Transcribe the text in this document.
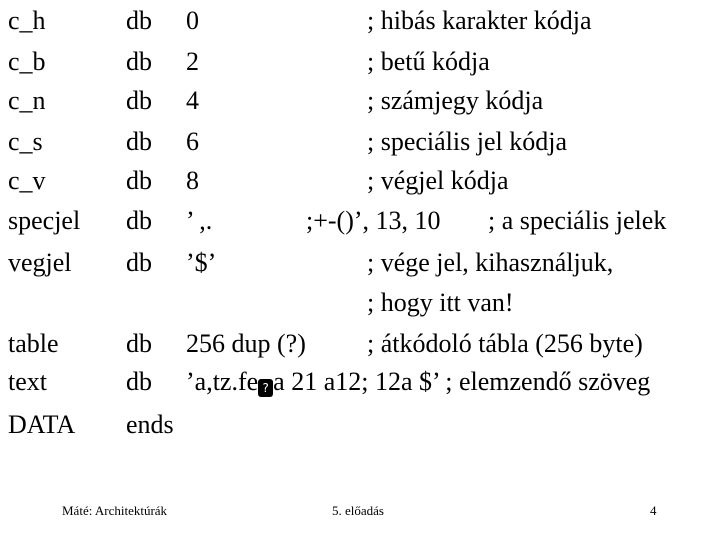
c_h	db 0	; hibás karakter kódja
c_b	db 2	; betű kódja
c_n	db 4	; számjegy kódja
c_s	db 6	; speciális jel kódja
c_v	db 8	; végjel kódja
specjel db ’ ,.	;+-()’, 13, 10 ; a speciális jelek
vegjel db ’$’	; vége jel, kihasználjuk,
; hogy itt van!
table	db 256 dup (?) ; átkódoló tábla (256 byte)
text	db ’a,tz.fe ? a 21 a12; 12a $’ ; elemzendő szöveg
DATA ends
Máté: Architektúrák	5. előadás	4
